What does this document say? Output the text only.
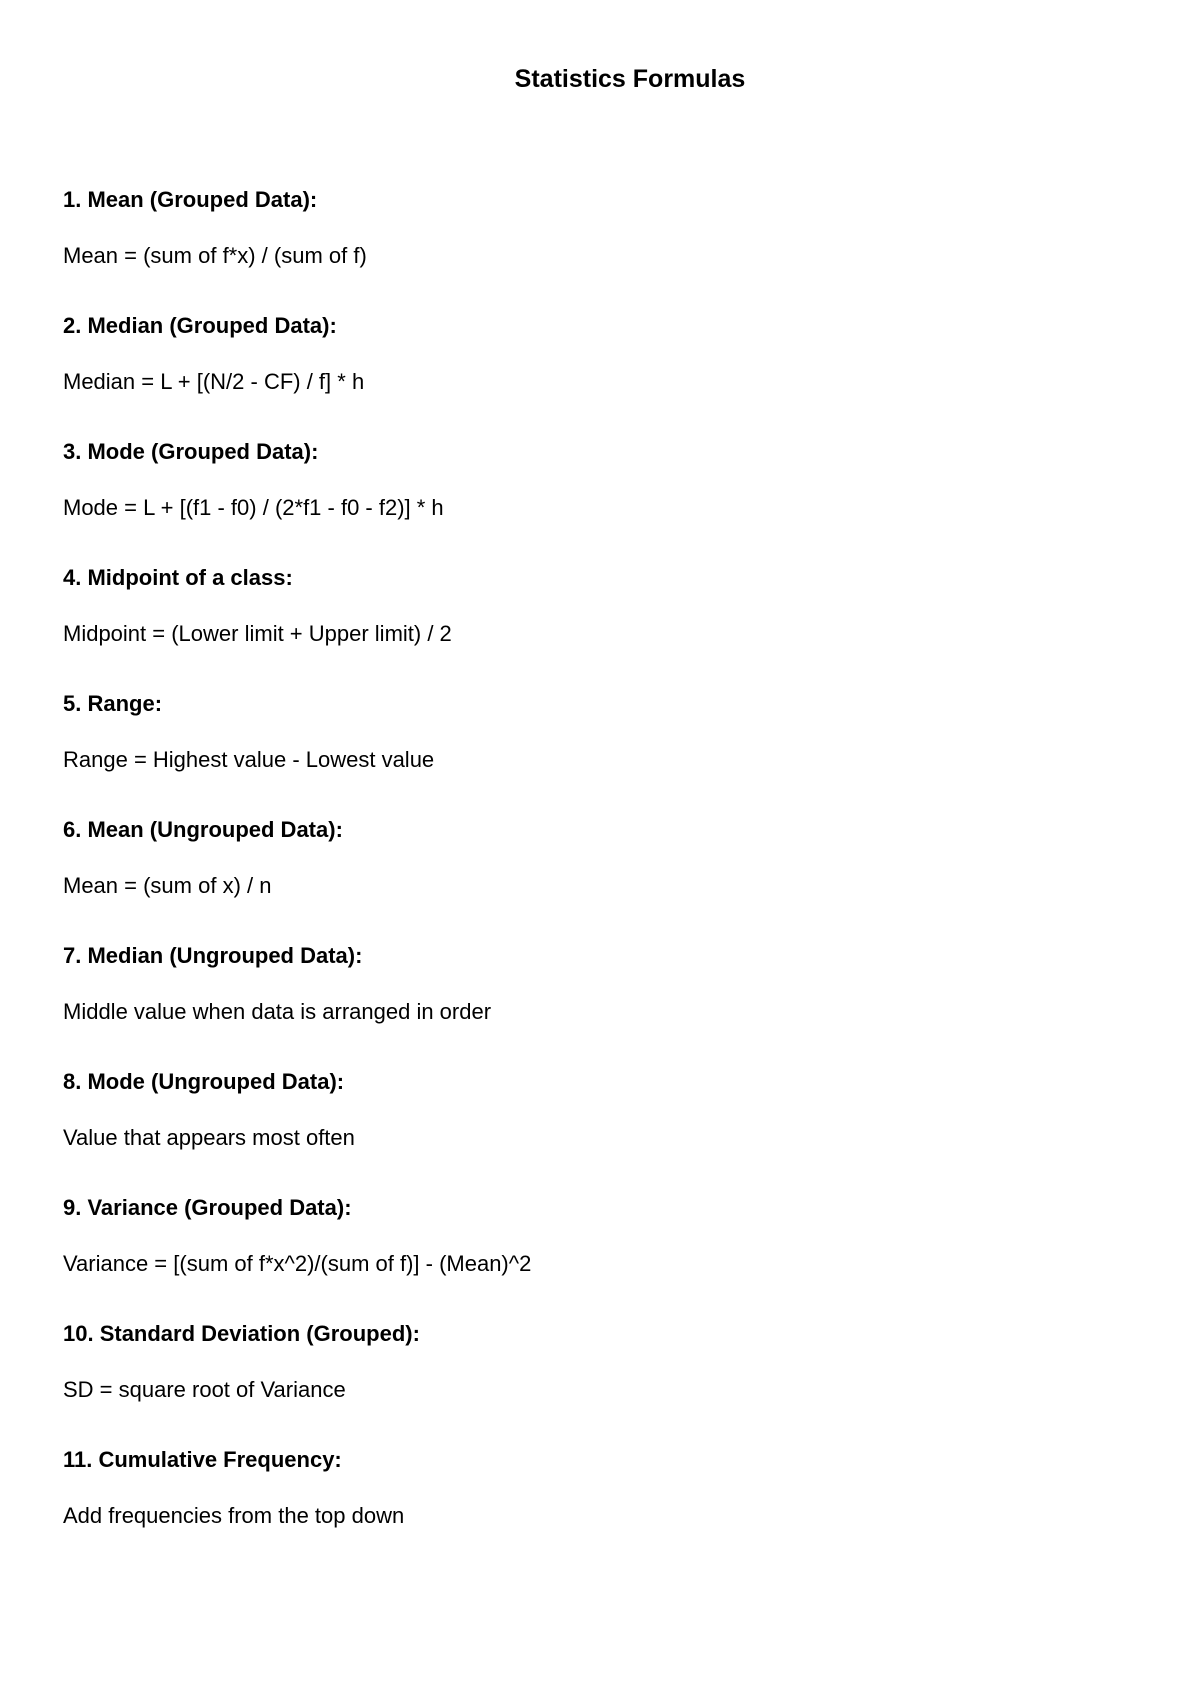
Statistics Formulas
1. Mean (Grouped Data):
Mean = (sum of f*x) / (sum of f)
2. Median (Grouped Data):
Median = L + [(N/2 - CF) / f] * h
3. Mode (Grouped Data):
Mode = L + [(f1 - f0) / (2*f1 - f0 - f2)] * h
4. Midpoint of a class:
Midpoint = (Lower limit + Upper limit) / 2
5. Range:
Range = Highest value - Lowest value
6. Mean (Ungrouped Data):
Mean = (sum of x) / n
7. Median (Ungrouped Data):
Middle value when data is arranged in order
8. Mode (Ungrouped Data):
Value that appears most often
9. Variance (Grouped Data):
Variance = [(sum of f*x^2)/(sum of f)] - (Mean)^2
10. Standard Deviation (Grouped):
SD = square root of Variance
11. Cumulative Frequency:
Add frequencies from the top down
